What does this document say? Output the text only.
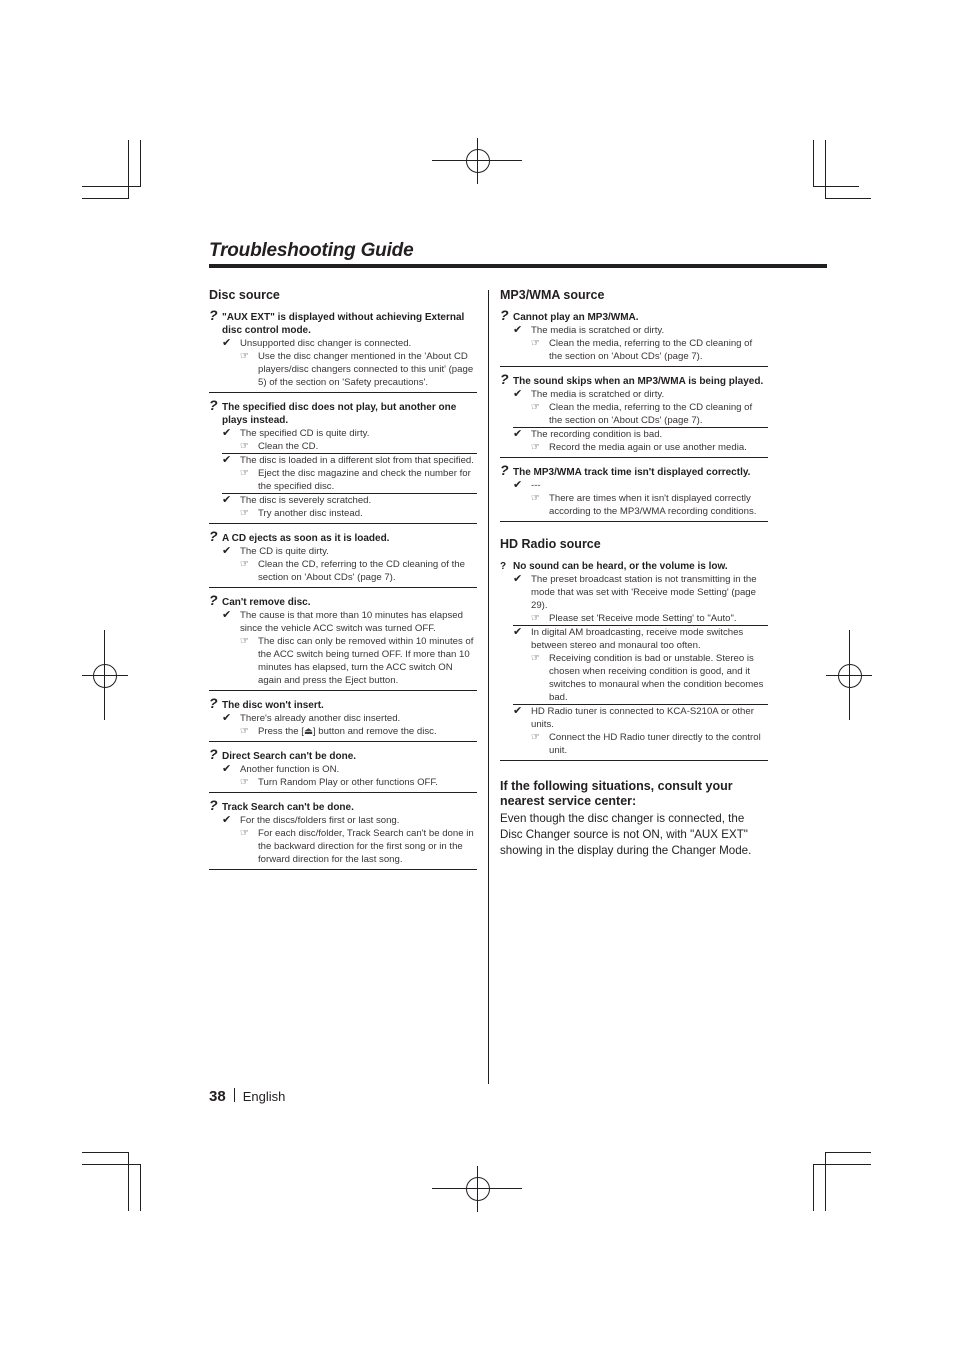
Troubleshooting Guide
Disc source
? "AUX EXT" is displayed without achieving External disc control mode.
✔ Unsupported disc changer is connected.
☞ Use the disc changer mentioned in the 'About CD players/disc changers connected to this unit' (page 5) of the section on 'Safety precautions'.
? The specified disc does not play, but another one plays instead.
✔ The specified CD is quite dirty.
☞ Clean the CD.
✔ The disc is loaded in a different slot from that specified.
☞ Eject the disc magazine and check the number for the specified disc.
✔ The disc is severely scratched.
☞ Try another disc instead.
? A CD ejects as soon as it is loaded.
✔ The CD is quite dirty.
☞ Clean the CD, referring to the CD cleaning of the section on 'About CDs' (page 7).
? Can't remove disc.
✔ The cause is that more than 10 minutes has elapsed since the vehicle ACC switch was turned OFF.
☞ The disc can only be removed within 10 minutes of the ACC switch being turned OFF. If more than 10 minutes has elapsed, turn the ACC switch ON again and press the Eject button.
? The disc won't insert.
✔ There's already another disc inserted.
☞ Press the [⏏] button and remove the disc.
? Direct Search can't be done.
✔ Another function is ON.
☞ Turn Random Play or other functions OFF.
? Track Search can't be done.
✔ For the discs/folders first or last song.
☞ For each disc/folder, Track Search can't be done in the backward direction for the first song or in the forward direction for the last song.
MP3/WMA source
? Cannot play an MP3/WMA.
✔ The media is scratched or dirty.
☞ Clean the media, referring to the CD cleaning of the section on 'About CDs' (page 7).
? The sound skips when an MP3/WMA is being played.
✔ The media is scratched or dirty.
☞ Clean the media, referring to the CD cleaning of the section on 'About CDs' (page 7).
✔ The recording condition is bad.
☞ Record the media again or use another media.
? The MP3/WMA track time isn't displayed correctly.
✔ ---
☞ There are times when it isn't displayed correctly according to the MP3/WMA recording conditions.
HD Radio source
? No sound can be heard, or the volume is low.
✔ The preset broadcast station is not transmitting in the mode that was set with 'Receive mode Setting' (page 29).
☞ Please set 'Receive mode Setting' to "Auto".
✔ In digital AM broadcasting, receive mode switches between stereo and monaural too often.
☞ Receiving condition is bad or unstable. Stereo is chosen when receiving condition is good, and it switches to monaural when the condition becomes bad.
✔ HD Radio tuner is connected to KCA-S210A or other units.
☞ Connect the HD Radio tuner directly to the control unit.
If the following situations, consult your nearest service center:

Even though the disc changer is connected, the Disc Changer source is not ON, with "AUX EXT" showing in the display during the Changer Mode.

38 English
